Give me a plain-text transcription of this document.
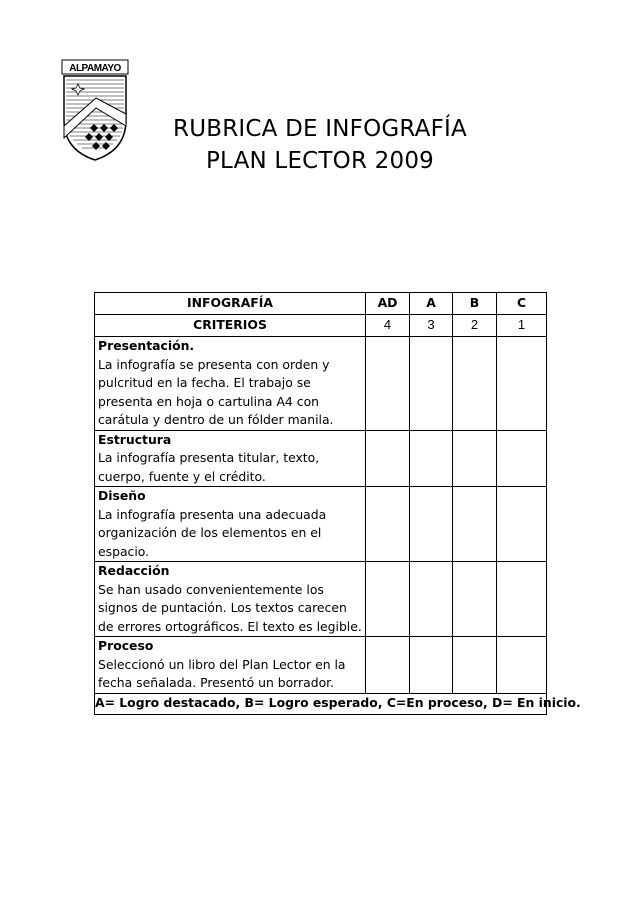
ALPAMAYO
RUBRICA DE INFOGRAFÍA
PLAN LECTOR 2009
INFOGRAFÍA	AD	A	B	C
CRITERIOS	4	3	2	1

Presentación.
La infografía se presenta con orden y pulcritud en la fecha. El trabajo se presenta en hoja o cartulina A4 con carátula y dentro de un fólder manila.				

Estructura
La infografía presenta titular, texto, cuerpo, fuente y el crédito.				

Diseño
La infografía presenta una adecuada organización de los elementos en el espacio.				

Redacción
Se han usado convenientemente los signos de puntación. Los textos carecen de errores ortográficos. El texto es legible.				

Proceso
Seleccionó un libro del Plan Lector en la fecha señalada. Presentó un borrador.				

A= Logro destacado, B= Logro esperado, C=En proceso, D= En inicio.				
